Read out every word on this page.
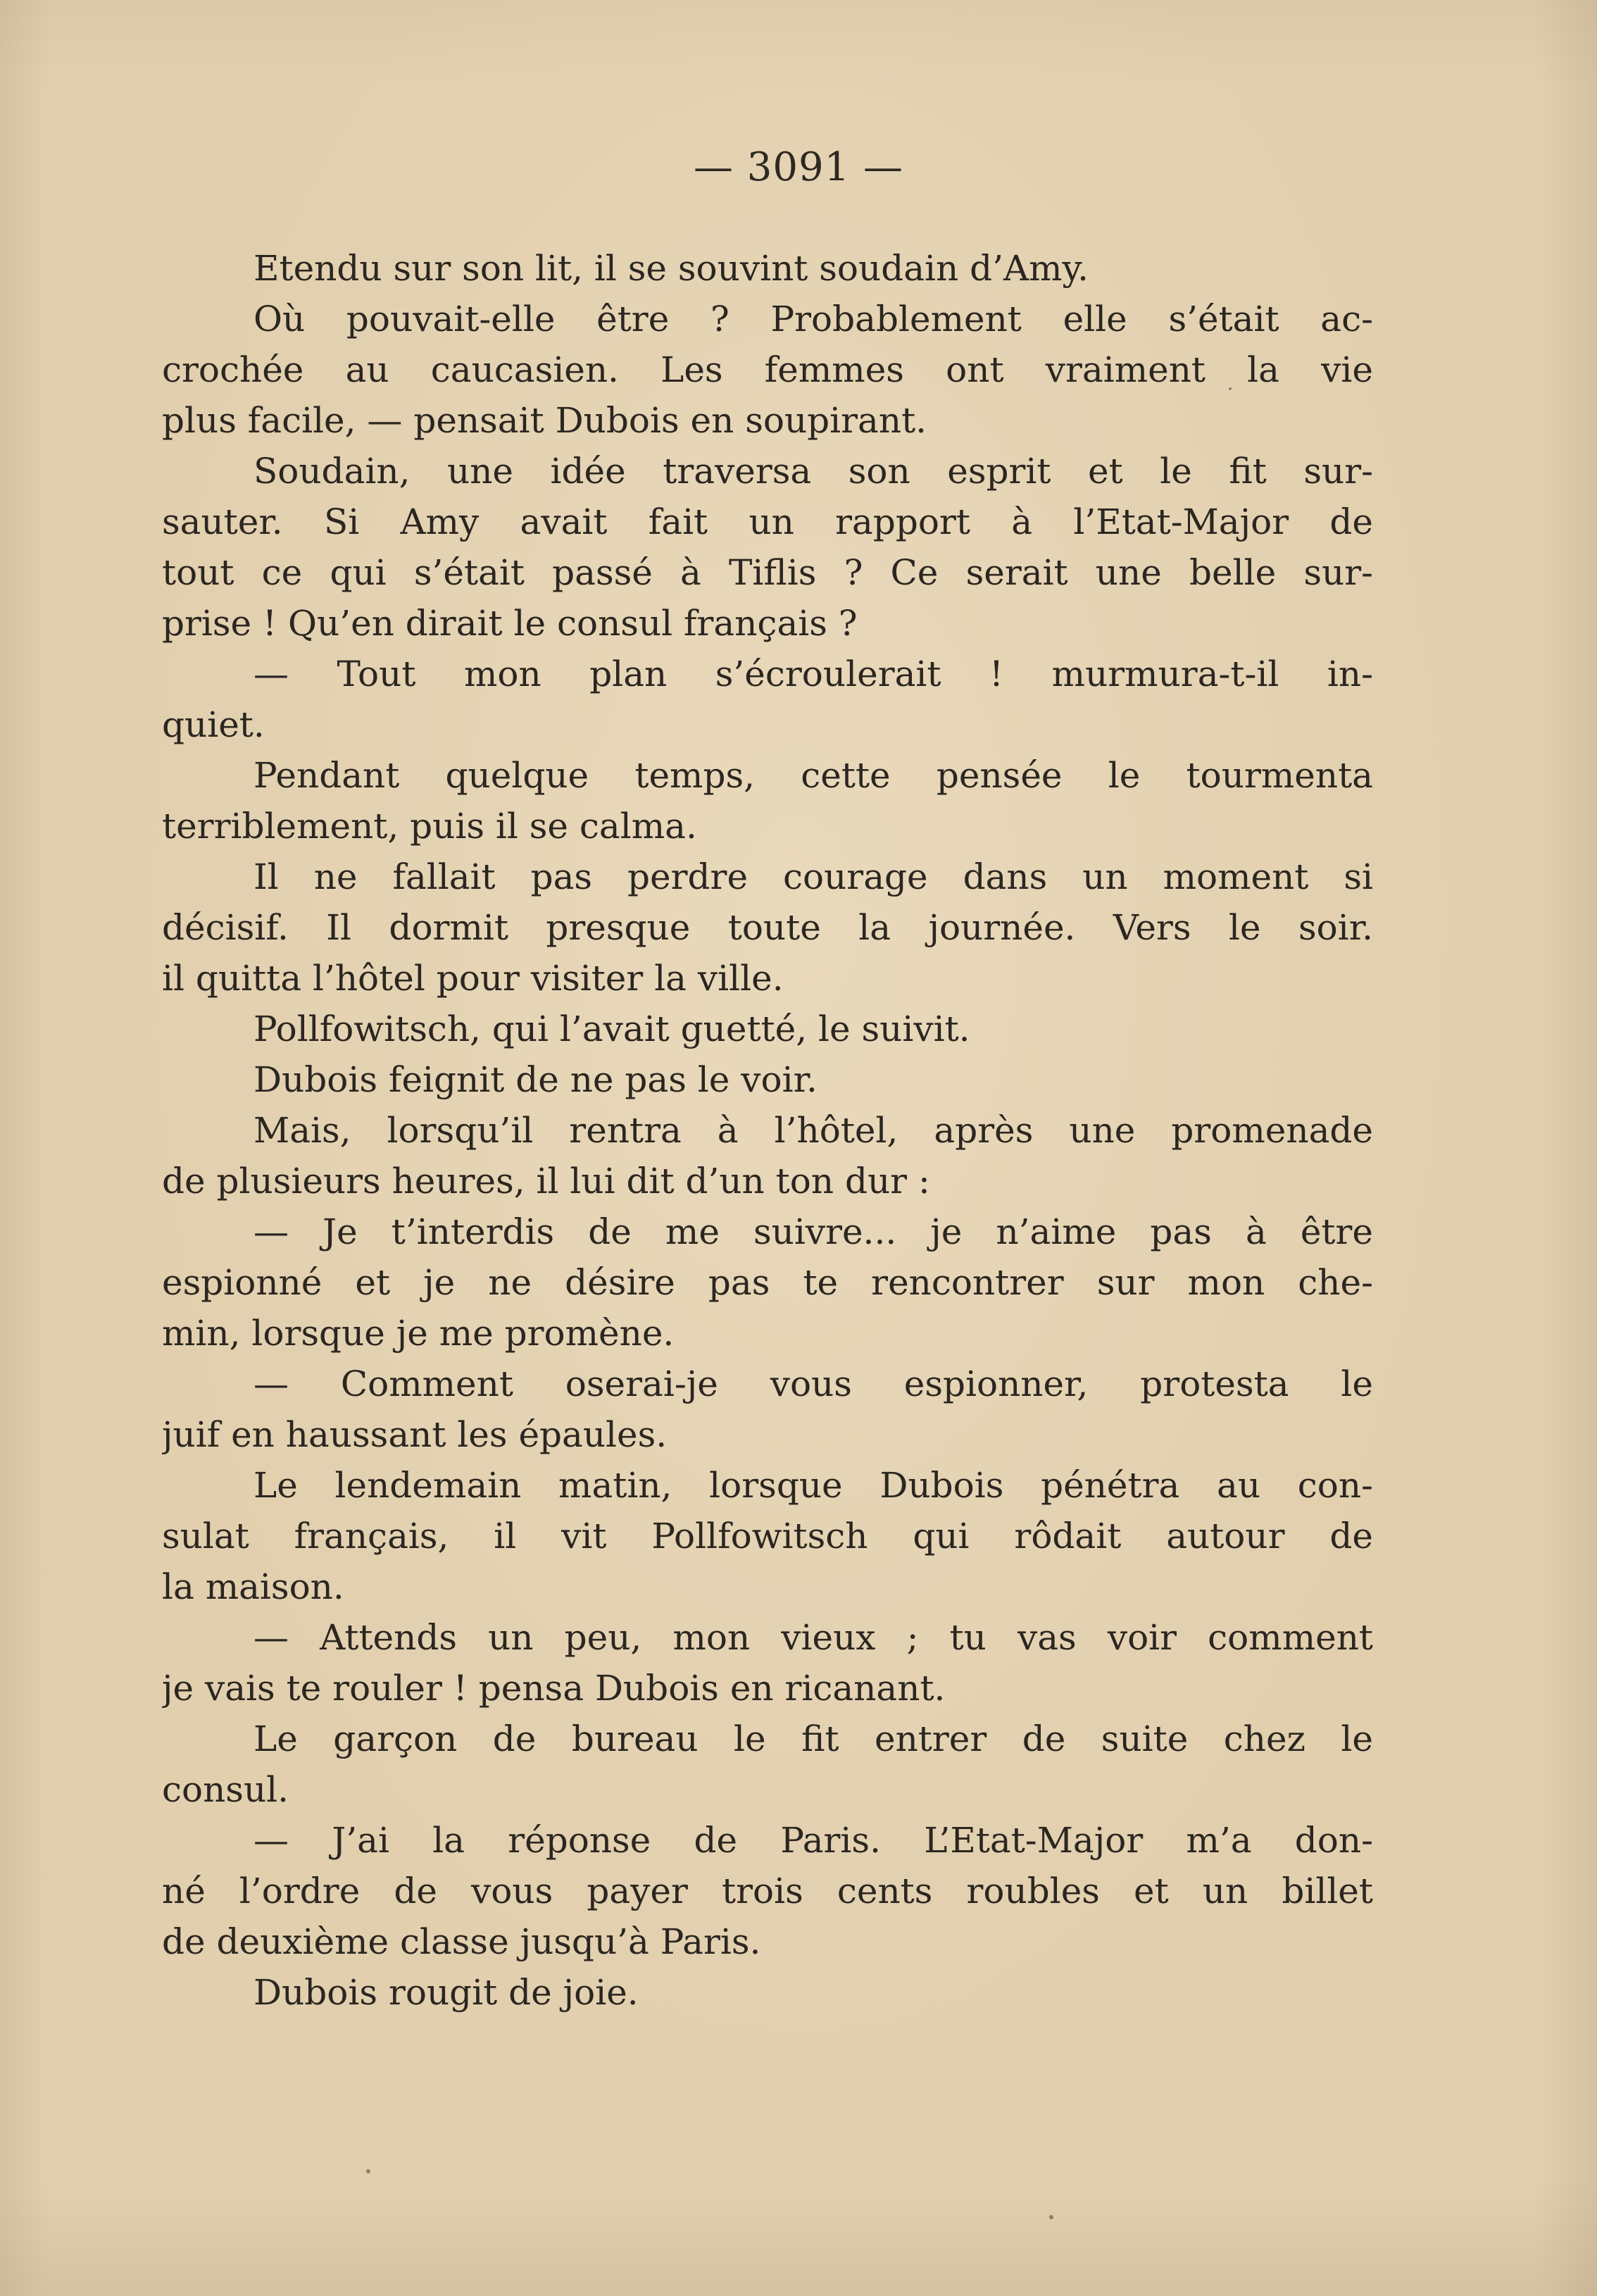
— 3091 —
Etendu sur son lit, il se souvint soudain d’Amy.
Où pouvait-elle être ? Probablement elle s’était ac-
crochée au caucasien. Les femmes ont vraiment la vie
plus facile, — pensait Dubois en soupirant.
Soudain, une idée traversa son esprit et le fit sur-
sauter. Si Amy avait fait un rapport à l’Etat-Major de
tout ce qui s’était passé à Tiflis ? Ce serait une belle sur-
prise ! Qu’en dirait le consul français ?
— Tout mon plan s’écroulerait ! murmura-t-il in-
quiet.
Pendant quelque temps, cette pensée le tourmenta
terriblement, puis il se calma.
Il ne fallait pas perdre courage dans un moment si
décisif. Il dormit presque toute la journée. Vers le soir.
il quitta l’hôtel pour visiter la ville.
Pollfowitsch, qui l’avait guetté, le suivit.
Dubois feignit de ne pas le voir.
Mais, lorsqu’il rentra à l’hôtel, après une promenade
de plusieurs heures, il lui dit d’un ton dur :
— Je t’interdis de me suivre... je n’aime pas à être
espionné et je ne désire pas te rencontrer sur mon che-
min, lorsque je me promène.
— Comment oserai-je vous espionner, protesta le
juif en haussant les épaules.
Le lendemain matin, lorsque Dubois pénétra au con-
sulat français, il vit Pollfowitsch qui rôdait autour de
la maison.
— Attends un peu, mon vieux ; tu vas voir comment
je vais te rouler ! pensa Dubois en ricanant.
Le garçon de bureau le fit entrer de suite chez le
consul.
— J’ai la réponse de Paris. L’Etat-Major m’a don-
né l’ordre de vous payer trois cents roubles et un billet
de deuxième classe jusqu’à Paris.
Dubois rougit de joie.
